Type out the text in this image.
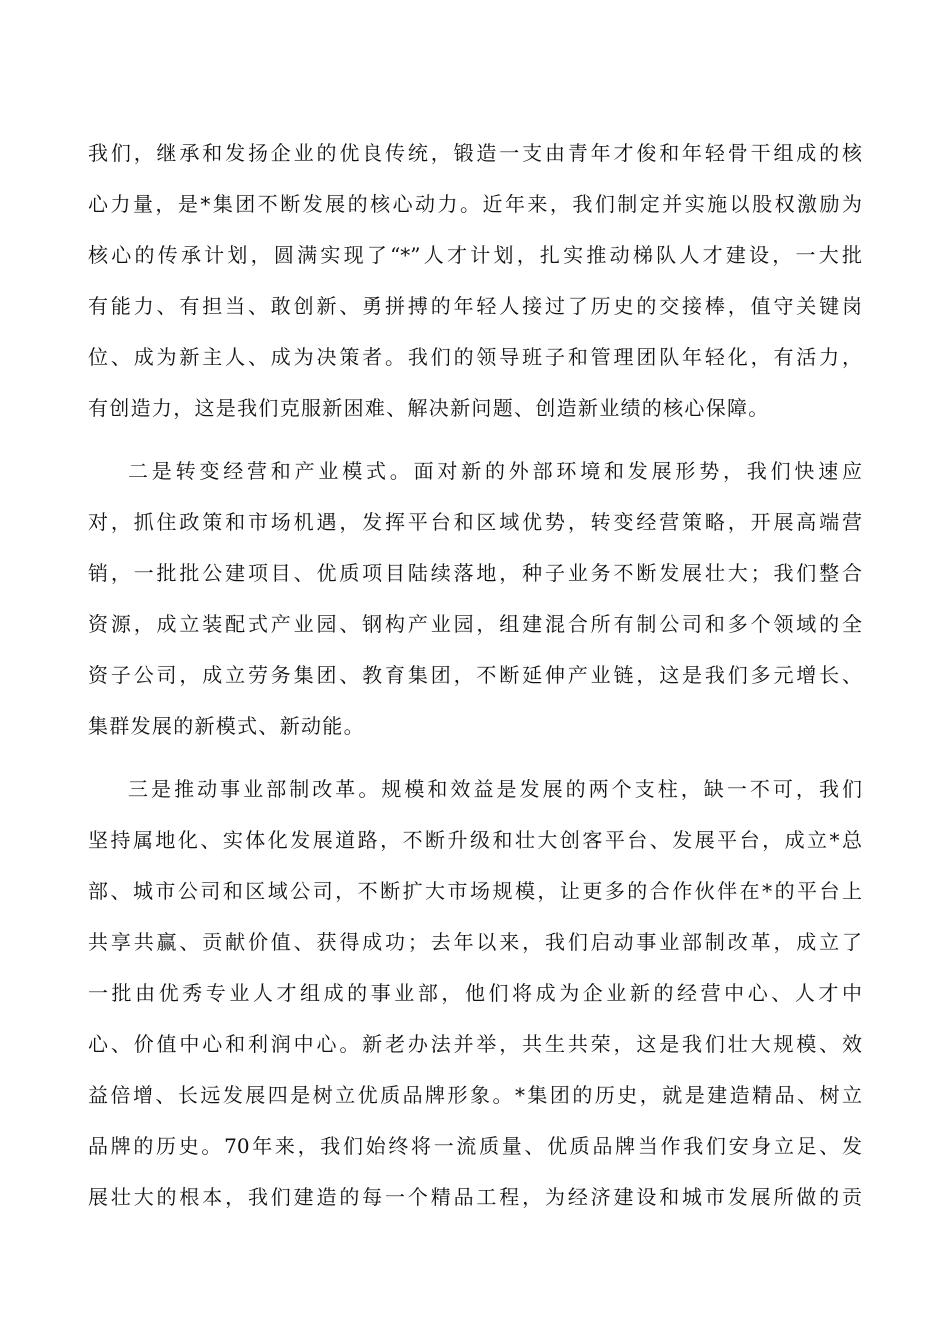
我们，继承和发扬企业的优良传统，锻造一支由青年才俊和年轻骨干组成的核
心力量，是*集团不断发展的核心动力。近年来，我们制定并实施以股权激励为
核心的传承计划，圆满实现了“*”人才计划，扎实推动梯队人才建设，一大批
有能力、有担当、敢创新、勇拼搏的年轻人接过了历史的交接棒，值守关键岗
位、成为新主人、成为决策者。我们的领导班子和管理团队年轻化，有活力，
有创造力，这是我们克服新困难、解决新问题、创造新业绩的核心保障。

二是转变经营和产业模式。面对新的外部环境和发展形势，我们快速应
对，抓住政策和市场机遇，发挥平台和区域优势，转变经营策略，开展高端营
销，一批批公建项目、优质项目陆续落地，种子业务不断发展壮大；我们整合
资源，成立装配式产业园、钢构产业园，组建混合所有制公司和多个领域的全
资子公司，成立劳务集团、教育集团，不断延伸产业链，这是我们多元增长、
集群发展的新模式、新动能。

三是推动事业部制改革。规模和效益是发展的两个支柱，缺一不可，我们
坚持属地化、实体化发展道路，不断升级和壮大创客平台、发展平台，成立*总
部、城市公司和区域公司，不断扩大市场规模，让更多的合作伙伴在*的平台上
共享共赢、贡献价值、获得成功；去年以来，我们启动事业部制改革，成立了
一批由优秀专业人才组成的事业部，他们将成为企业新的经营中心、人才中
心、价值中心和利润中心。新老办法并举，共生共荣，这是我们壮大规模、效
益倍增、长远发展四是树立优质品牌形象。*集团的历史，就是建造精品、树立
品牌的历史。70年来，我们始终将一流质量、优质品牌当作我们安身立足、发
展壮大的根本，我们建造的每一个精品工程，为经济建设和城市发展所做的贡
